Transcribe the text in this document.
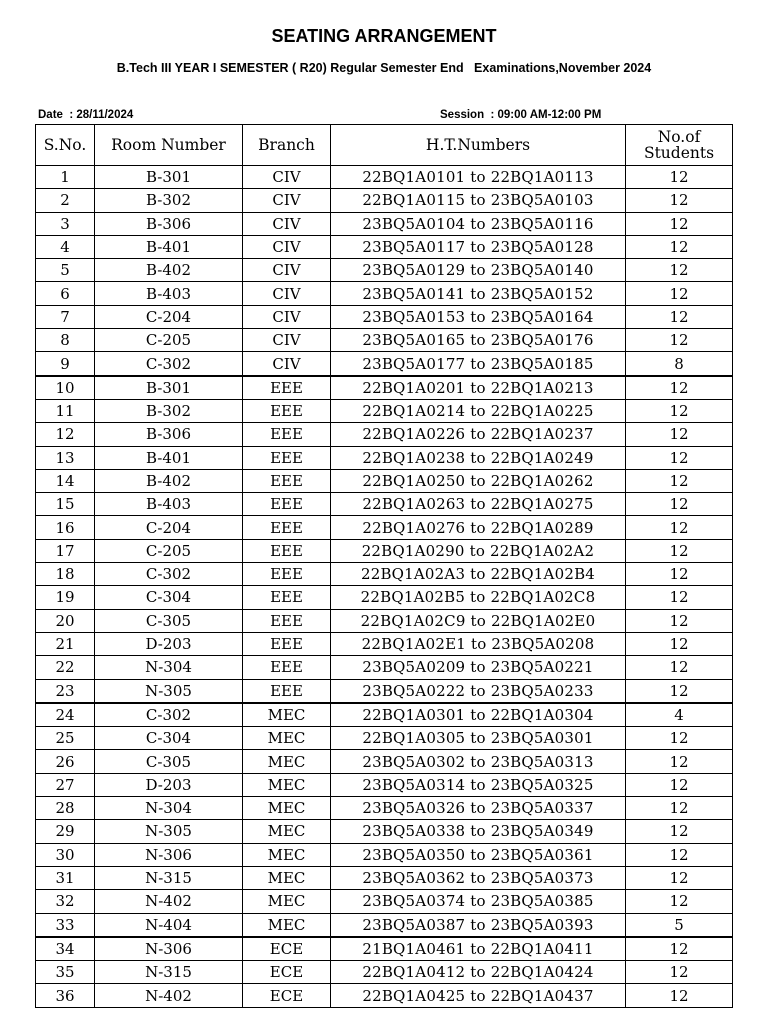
SEATING ARRANGEMENT
B.Tech III YEAR I SEMESTER ( R20) Regular Semester End   Examinations,November 2024
Date  : 28/11/2024	Session  : 09:00 AM-12:00 PM
S.No.	Room Number	Branch	H.T.Numbers	No.of Students
1	B-301	CIV	22BQ1A0101 to 22BQ1A0113	12
2	B-302	CIV	22BQ1A0115 to 23BQ5A0103	12
3	B-306	CIV	23BQ5A0104 to 23BQ5A0116	12
4	B-401	CIV	23BQ5A0117 to 23BQ5A0128	12
5	B-402	CIV	23BQ5A0129 to 23BQ5A0140	12
6	B-403	CIV	23BQ5A0141 to 23BQ5A0152	12
7	C-204	CIV	23BQ5A0153 to 23BQ5A0164	12
8	C-205	CIV	23BQ5A0165 to 23BQ5A0176	12
9	C-302	CIV	23BQ5A0177 to 23BQ5A0185	8
10	B-301	EEE	22BQ1A0201 to 22BQ1A0213	12
11	B-302	EEE	22BQ1A0214 to 22BQ1A0225	12
12	B-306	EEE	22BQ1A0226 to 22BQ1A0237	12
13	B-401	EEE	22BQ1A0238 to 22BQ1A0249	12
14	B-402	EEE	22BQ1A0250 to 22BQ1A0262	12
15	B-403	EEE	22BQ1A0263 to 22BQ1A0275	12
16	C-204	EEE	22BQ1A0276 to 22BQ1A0289	12
17	C-205	EEE	22BQ1A0290 to 22BQ1A02A2	12
18	C-302	EEE	22BQ1A02A3 to 22BQ1A02B4	12
19	C-304	EEE	22BQ1A02B5 to 22BQ1A02C8	12
20	C-305	EEE	22BQ1A02C9 to 22BQ1A02E0	12
21	D-203	EEE	22BQ1A02E1 to 23BQ5A0208	12
22	N-304	EEE	23BQ5A0209 to 23BQ5A0221	12
23	N-305	EEE	23BQ5A0222 to 23BQ5A0233	12
24	C-302	MEC	22BQ1A0301 to 22BQ1A0304	4
25	C-304	MEC	22BQ1A0305 to 23BQ5A0301	12
26	C-305	MEC	23BQ5A0302 to 23BQ5A0313	12
27	D-203	MEC	23BQ5A0314 to 23BQ5A0325	12
28	N-304	MEC	23BQ5A0326 to 23BQ5A0337	12
29	N-305	MEC	23BQ5A0338 to 23BQ5A0349	12
30	N-306	MEC	23BQ5A0350 to 23BQ5A0361	12
31	N-315	MEC	23BQ5A0362 to 23BQ5A0373	12
32	N-402	MEC	23BQ5A0374 to 23BQ5A0385	12
33	N-404	MEC	23BQ5A0387 to 23BQ5A0393	5
34	N-306	ECE	21BQ1A0461 to 22BQ1A0411	12
35	N-315	ECE	22BQ1A0412 to 22BQ1A0424	12
36	N-402	ECE	22BQ1A0425 to 22BQ1A0437	12
